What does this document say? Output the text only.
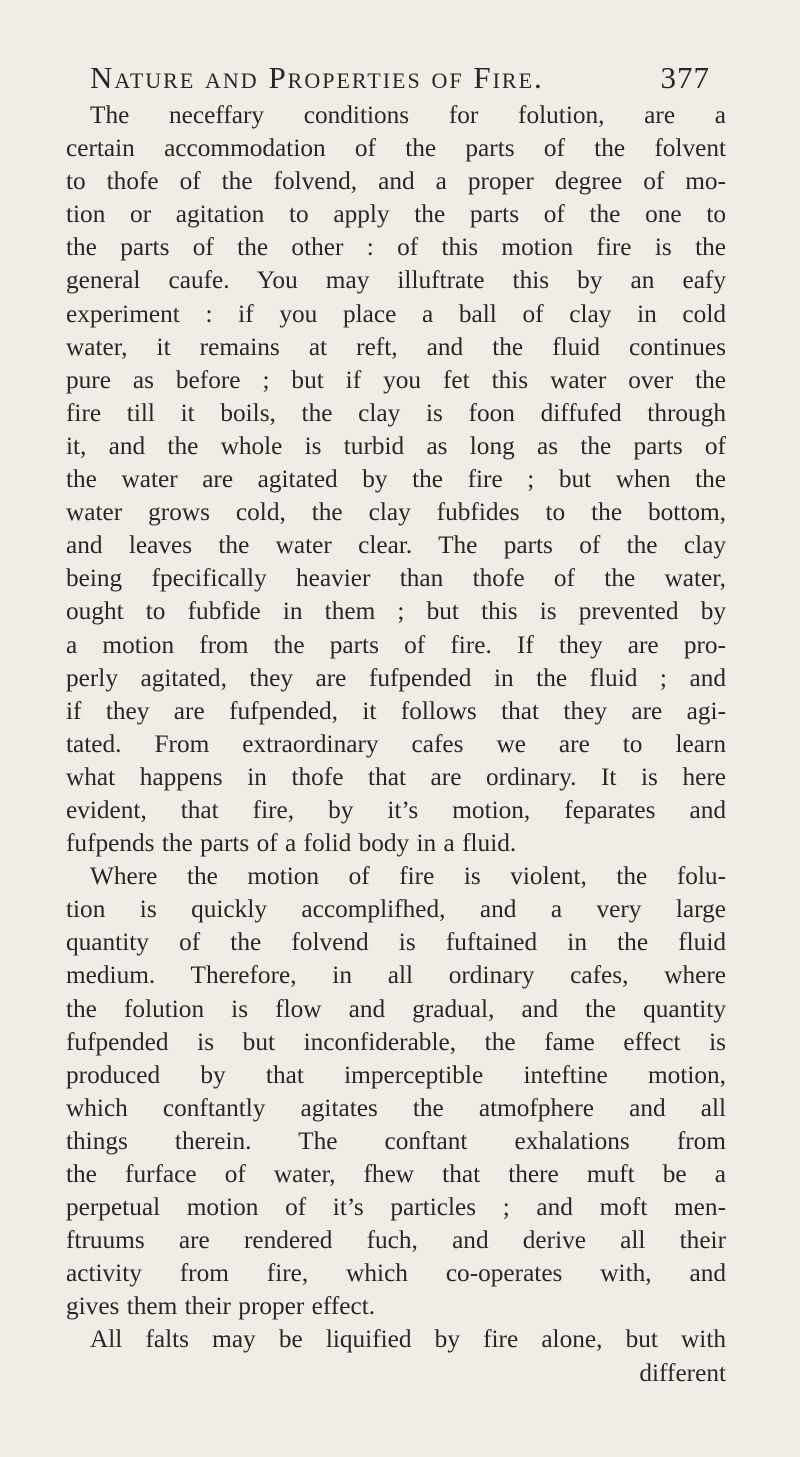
Nature and Properties of Fire.	377
The neceffary conditions for folution, are a
certain accommodation of the parts of the folvent
to thofe of the folvend, and a proper degree of mo-
tion or agitation to apply the parts of the one to
the parts of the other : of this motion fire is the
general caufe. You may illuftrate this by an eafy
experiment : if you place a ball of clay in cold
water, it remains at reft, and the fluid continues
pure as before ; but if you fet this water over the
fire till it boils, the clay is foon diffufed through
it, and the whole is turbid as long as the parts of
the water are agitated by the fire ; but when the
water grows cold, the clay fubfides to the bottom,
and leaves the water clear. The parts of the clay
being fpecifically heavier than thofe of the water,
ought to fubfide in them ; but this is prevented by
a motion from the parts of fire. If they are pro-
perly agitated, they are fufpended in the fluid ; and
if they are fufpended, it follows that they are agi-
tated. From extraordinary cafes we are to learn
what happens in thofe that are ordinary. It is here
evident, that fire, by it’s motion, feparates and
fufpends the parts of a folid body in a fluid.
Where the motion of fire is violent, the folu-
tion is quickly accomplifhed, and a very large
quantity of the folvend is fuftained in the fluid
medium. Therefore, in all ordinary cafes, where
the folution is flow and gradual, and the quantity
fufpended is but inconfiderable, the fame effect is
produced by that imperceptible inteftine motion,
which conftantly agitates the atmofphere and all
things therein. The conftant exhalations from
the furface of water, fhew that there muft be a
perpetual motion of it’s particles ; and moft men-
ftruums are rendered fuch, and derive all their
activity from fire, which co-operates with, and
gives them their proper effect.
All falts may be liquified by fire alone, but with
different
